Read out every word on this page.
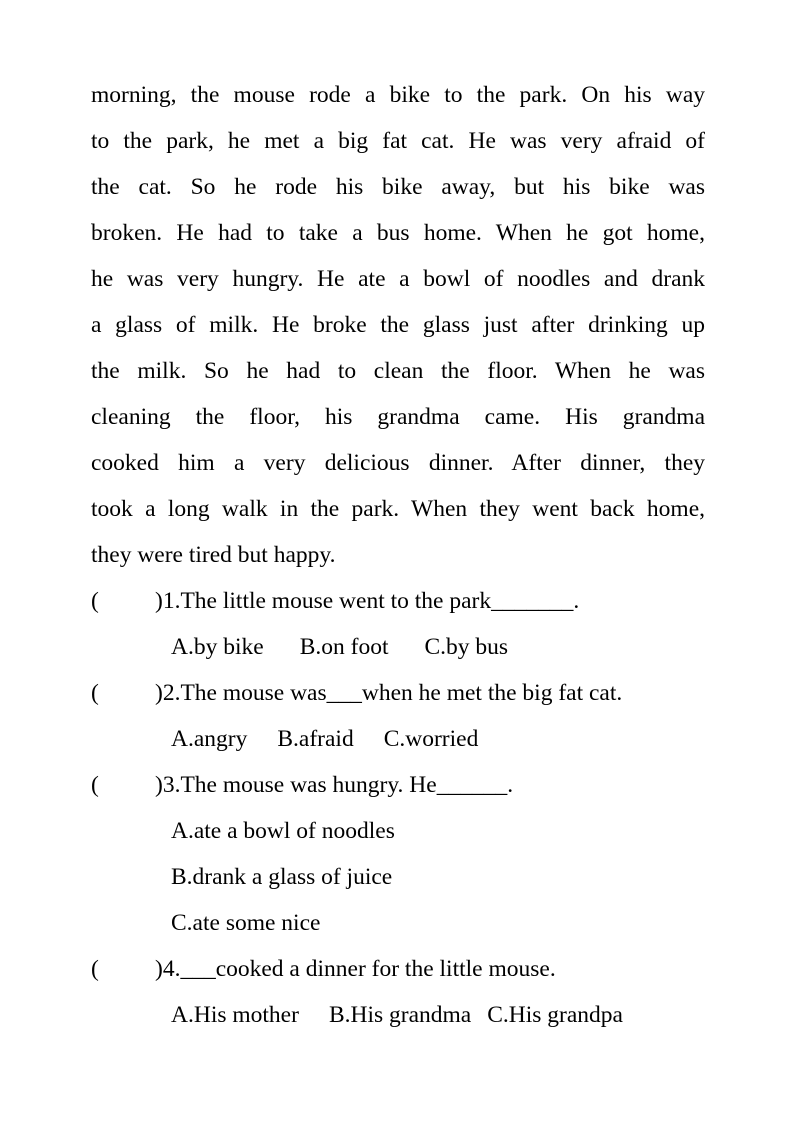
morning, the mouse rode a bike to the park. On his way
to the park, he met a big fat cat. He was very afraid of
the cat. So he rode his bike away, but his bike was
broken. He had to take a bus home. When he got home,
he was very hungry. He ate a bowl of noodles and drank
a glass of milk. He broke the glass just after drinking up
the milk. So he had to clean the floor. When he was
cleaning the floor, his grandma came. His grandma
cooked him a very delicious dinner. After dinner, they
took a long walk in the park. When they went back home,
they were tired but happy.
( )1.The little mouse went to the park_______.
A.by bike B.on foot C.by bus
( )2.The mouse was___when he met the big fat cat.
A.angry B.afraid C.worried
( )3.The mouse was hungry. He______.
A.ate a bowl of noodles
B.drank a glass of juice
C.ate some nice
( )4.___cooked a dinner for the little mouse.
A.His mother B.His grandma C.His grandpa
